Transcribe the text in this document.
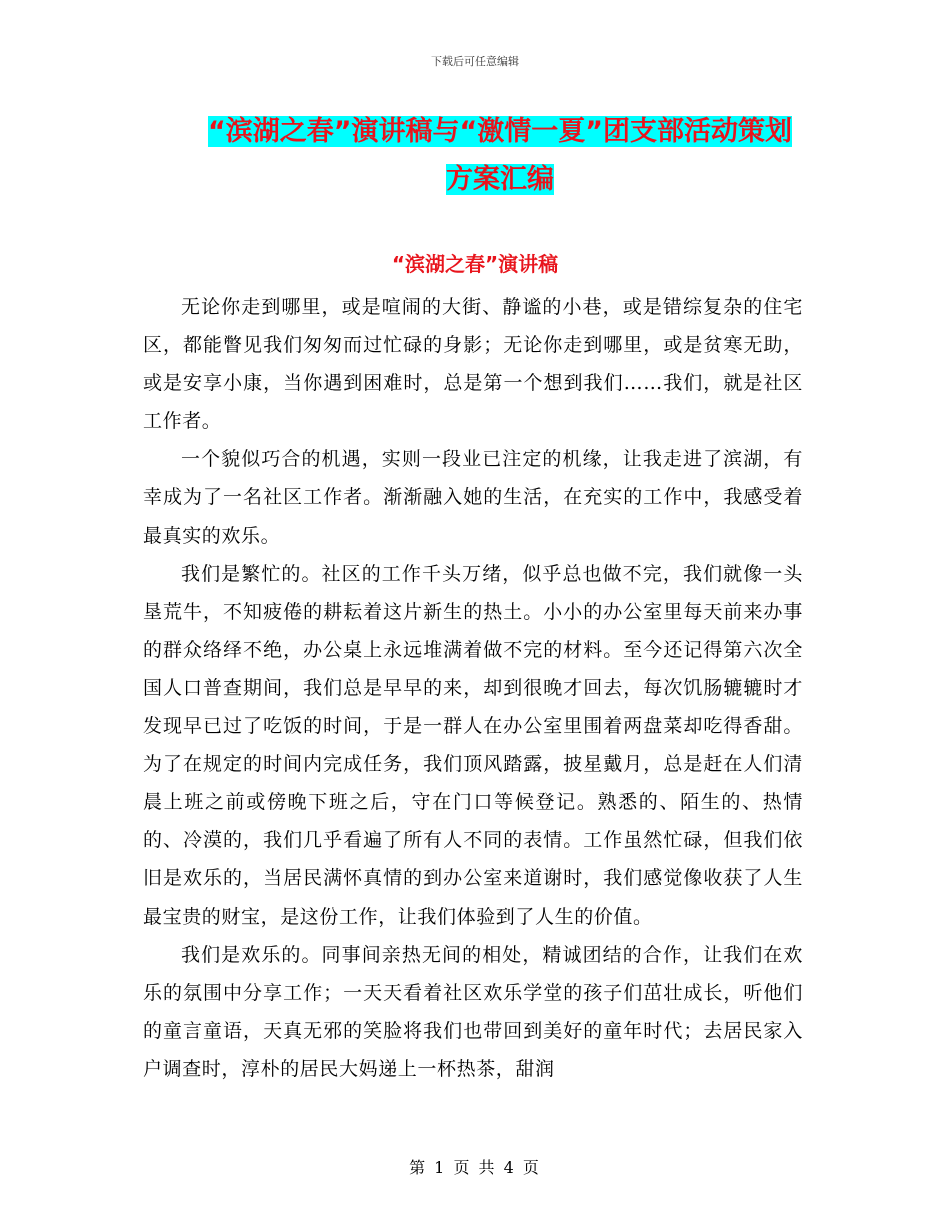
下载后可任意编辑
“滨湖之春”演讲稿与“激情一夏”团支部活动策划
方案汇编
“滨湖之春”演讲稿

无论你走到哪里，或是喧闹的大街、静谧的小巷，或是错综复杂的住宅区，都能瞥见我们匆匆而过忙碌的身影；无论你走到哪里，或是贫寒无助，或是安享小康，当你遇到困难时，总是第一个想到我们……我们，就是社区工作者。

一个貌似巧合的机遇，实则一段业已注定的机缘，让我走进了滨湖，有幸成为了一名社区工作者。渐渐融入她的生活，在充实的工作中，我感受着最真实的欢乐。

我们是繁忙的。社区的工作千头万绪，似乎总也做不完，我们就像一头垦荒牛，不知疲倦的耕耘着这片新生的热土。小小的办公室里每天前来办事的群众络绎不绝，办公桌上永远堆满着做不完的材料。至今还记得第六次全国人口普查期间，我们总是早早的来，却到很晚才回去，每次饥肠辘辘时才发现早已过了吃饭的时间，于是一群人在办公室里围着两盘菜却吃得香甜。为了在规定的时间内完成任务，我们顶风踏露，披星戴月，总是赶在人们清晨上班之前或傍晚下班之后，守在门口等候登记。熟悉的、陌生的、热情的、冷漠的，我们几乎看遍了所有人不同的表情。工作虽然忙碌，但我们依旧是欢乐的，当居民满怀真情的到办公室来道谢时，我们感觉像收获了人生最宝贵的财宝，是这份工作，让我们体验到了人生的价值。

我们是欢乐的。同事间亲热无间的相处，精诚团结的合作，让我们在欢乐的氛围中分享工作；一天天看着社区欢乐学堂的孩子们茁壮成长，听他们的童言童语，天真无邪的笑脸将我们也带回到美好的童年时代；去居民家入户调查时，淳朴的居民大妈递上一杯热茶，甜润

第 1 页 共 4 页
